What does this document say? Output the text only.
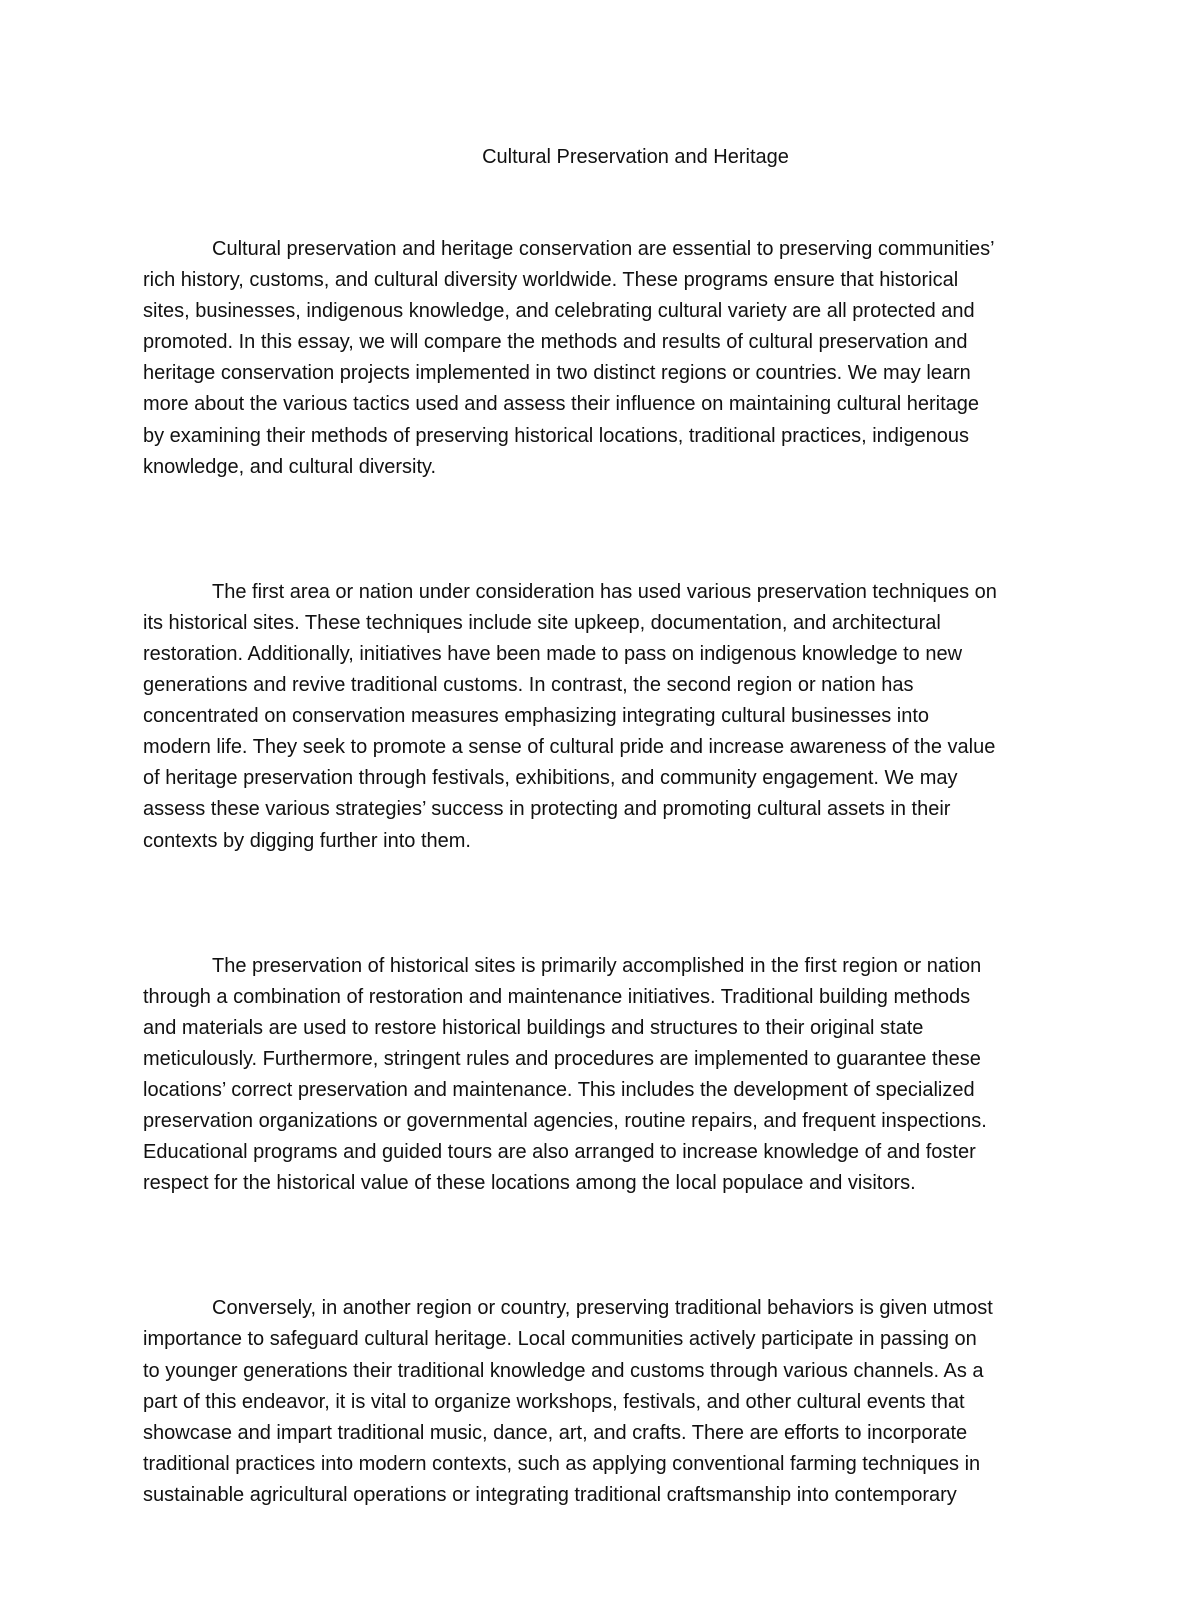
Cultural Preservation and Heritage

Cultural preservation and heritage conservation are essential to preserving communities’
rich history, customs, and cultural diversity worldwide. These programs ensure that historical
sites, businesses, indigenous knowledge, and celebrating cultural variety are all protected and
promoted. In this essay, we will compare the methods and results of cultural preservation and
heritage conservation projects implemented in two distinct regions or countries. We may learn
more about the various tactics used and assess their influence on maintaining cultural heritage
by examining their methods of preserving historical locations, traditional practices, indigenous
knowledge, and cultural diversity.

The first area or nation under consideration has used various preservation techniques on
its historical sites. These techniques include site upkeep, documentation, and architectural
restoration. Additionally, initiatives have been made to pass on indigenous knowledge to new
generations and revive traditional customs. In contrast, the second region or nation has
concentrated on conservation measures emphasizing integrating cultural businesses into
modern life. They seek to promote a sense of cultural pride and increase awareness of the value
of heritage preservation through festivals, exhibitions, and community engagement. We may
assess these various strategies’ success in protecting and promoting cultural assets in their
contexts by digging further into them.

The preservation of historical sites is primarily accomplished in the first region or nation
through a combination of restoration and maintenance initiatives. Traditional building methods
and materials are used to restore historical buildings and structures to their original state
meticulously. Furthermore, stringent rules and procedures are implemented to guarantee these
locations’ correct preservation and maintenance. This includes the development of specialized
preservation organizations or governmental agencies, routine repairs, and frequent inspections.
Educational programs and guided tours are also arranged to increase knowledge of and foster
respect for the historical value of these locations among the local populace and visitors.

Conversely, in another region or country, preserving traditional behaviors is given utmost
importance to safeguard cultural heritage. Local communities actively participate in passing on
to younger generations their traditional knowledge and customs through various channels. As a
part of this endeavor, it is vital to organize workshops, festivals, and other cultural events that
showcase and impart traditional music, dance, art, and crafts. There are efforts to incorporate
traditional practices into modern contexts, such as applying conventional farming techniques in
sustainable agricultural operations or integrating traditional craftsmanship into contemporary
